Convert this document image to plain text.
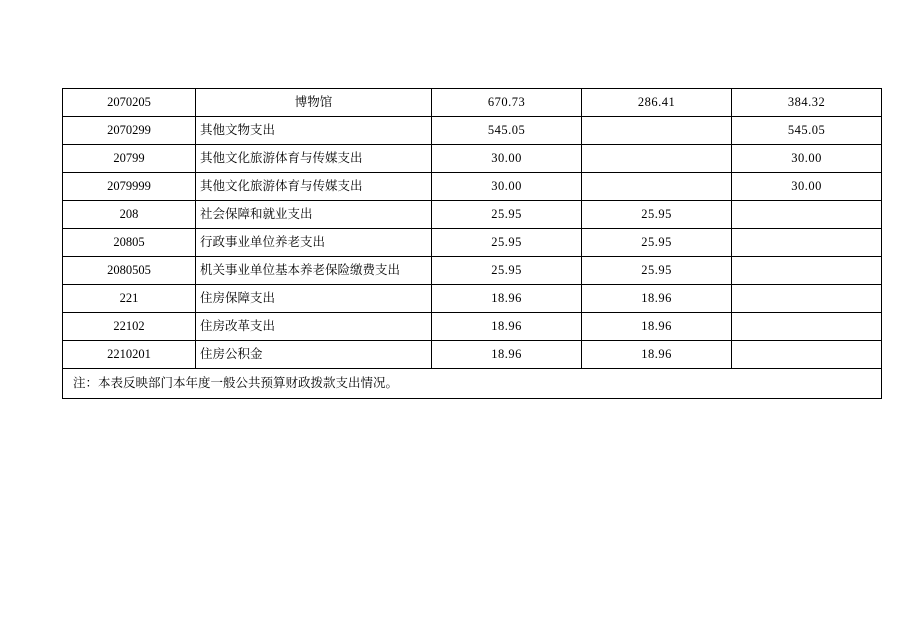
2070205	博物馆	670.73	286.41	384.32
2070299	其他文物支出	545.05		545.05
20799	其他文化旅游体育与传媒支出	30.00		30.00
2079999	其他文化旅游体育与传媒支出	30.00		30.00
208	社会保障和就业支出	25.95	25.95	
20805	行政事业单位养老支出	25.95	25.95	
2080505	机关事业单位基本养老保险缴费支出	25.95	25.95	
221	住房保障支出	18.96	18.96	
22102	住房改革支出	18.96	18.96	
2210201	住房公积金	18.96	18.96	
注：本表反映部门本年度一般公共预算财政拨款支出情况。				
